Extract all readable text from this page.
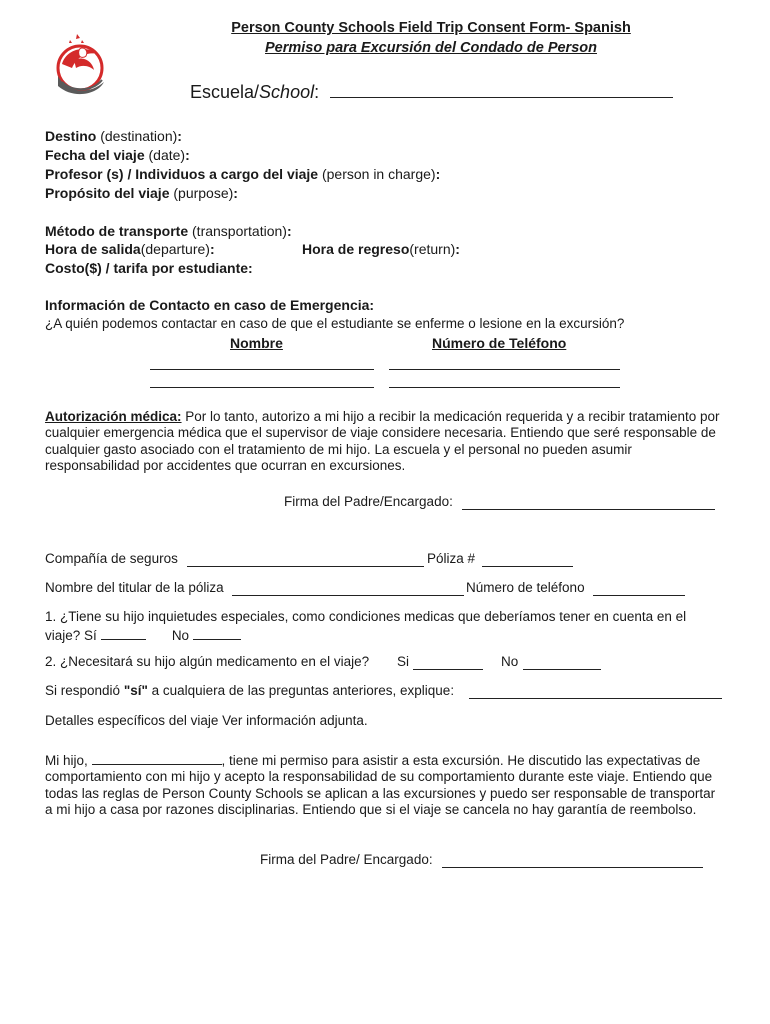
Person County Schools Field Trip Consent Form- Spanish
Permiso para Excursión del Condado de Person
Escuela/School:
Destino (destination):
Fecha del viaje (date):
Profesor (s) / Individuos a cargo del viaje (person in charge):
Propósito del viaje (purpose):
Método de transporte (transportation):
Hora de salida(departure):	Hora de regreso(return):
Costo($) / tarifa por estudiante:
Información de Contacto en caso de Emergencia:
¿A quién podemos contactar en caso de que el estudiante se enferme o lesione en la excursión?
Nombre	Número de Teléfono
Autorización médica: Por lo tanto, autorizo a mi hijo a recibir la medicación requerida y a recibir tratamiento por cualquier emergencia médica que el supervisor de viaje considere necesaria. Entiendo que seré responsable de cualquier gasto asociado con el tratamiento de mi hijo. La escuela y el personal no pueden asumir responsabilidad por accidentes que ocurran en excursiones.
Firma del Padre/Encargado:
Compañía de seguros	Póliza #
Nombre del titular de la póliza	Número de teléfono
1. ¿Tiene su hijo inquietudes especiales, como condiciones medicas que deberíamos tener en cuenta en el viaje? Sí	No
2. ¿Necesitará su hijo algún medicamento en el viaje? Si	No
Si respondió "sí" a cualquiera de las preguntas anteriores, explique:
Detalles específicos del viaje Ver información adjunta.
Mi hijo,	, tiene mi permiso para asistir a esta excursión. He discutido las expectativas de comportamiento con mi hijo y acepto la responsabilidad de su comportamiento durante este viaje. Entiendo que todas las reglas de Person County Schools se aplican a las excursiones y puedo ser responsable de transportar a mi hijo a casa por razones disciplinarias. Entiendo que si el viaje se cancela no hay garantía de reembolso.
Firma del Padre/ Encargado:
